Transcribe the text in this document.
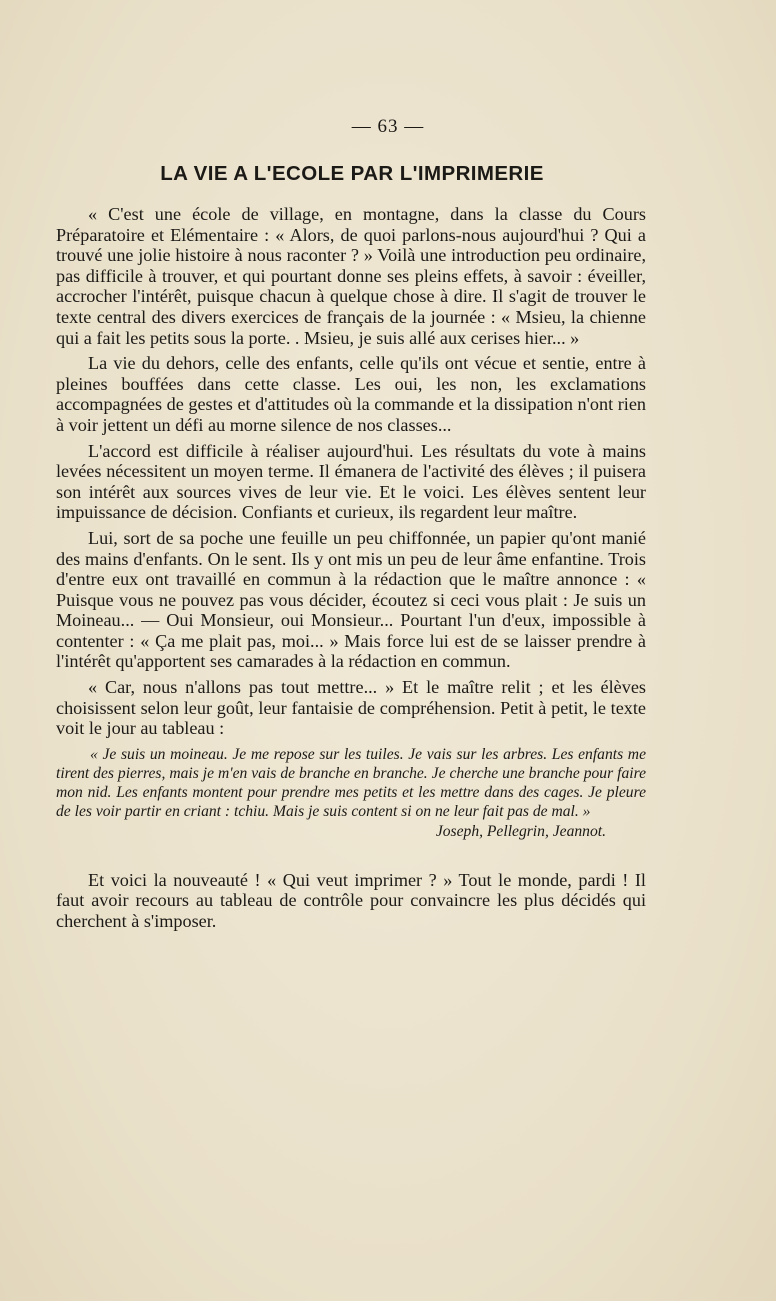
— 63 —
LA VIE A L'ECOLE PAR L'IMPRIMERIE

« C'est une école de village, en montagne, dans la classe du Cours Préparatoire et Elémentaire : « Alors, de quoi parlons-nous aujourd'hui ? Qui a trouvé une jolie histoire à nous raconter ? » Voilà une introduction peu ordinaire, pas difficile à trouver, et qui pourtant donne ses pleins effets, à savoir : éveiller, accrocher l'intérêt, puisque chacun à quelque chose à dire. Il s'agit de trouver le texte central des divers exercices de français de la journée : « Msieu, la chienne qui a fait les petits sous la porte. . Msieu, je suis allé aux cerises hier... »

La vie du dehors, celle des enfants, celle qu'ils ont vécue et sentie, entre à pleines bouffées dans cette classe. Les oui, les non, les exclamations accompagnées de gestes et d'attitudes où la commande et la dissipation n'ont rien à voir jettent un défi au morne silence de nos classes...

L'accord est difficile à réaliser aujourd'hui. Les résultats du vote à mains levées nécessitent un moyen terme. Il émanera de l'activité des élèves ; il puisera son intérêt aux sources vives de leur vie. Et le voici. Les élèves sentent leur impuissance de décision. Confiants et curieux, ils regardent leur maître.

Lui, sort de sa poche une feuille un peu chiffonnée, un papier qu'ont manié des mains d'enfants. On le sent. Ils y ont mis un peu de leur âme enfantine. Trois d'entre eux ont travaillé en commun à la rédaction que le maître annonce : « Puisque vous ne pouvez pas vous décider, écoutez si ceci vous plait : Je suis un Moineau... — Oui Monsieur, oui Monsieur... Pourtant l'un d'eux, impossible à contenter : « Ça me plait pas, moi... » Mais force lui est de se laisser prendre à l'intérêt qu'apportent ses camarades à la rédaction en commun.

« Car, nous n'allons pas tout mettre... » Et le maître relit ; et les élèves choisissent selon leur goût, leur fantaisie de compréhension. Petit à petit, le texte voit le jour au tableau :

« Je suis un moineau. Je me repose sur les tuiles. Je vais sur les arbres. Les enfants me tirent des pierres, mais je m'en vais de branche en branche. Je cherche une branche pour faire mon nid. Les enfants montent pour prendre mes petits et les mettre dans des cages. Je pleure de les voir partir en criant : tchiu. Mais je suis content si on ne leur fait pas de mal. »

Joseph, Pellegrin, Jeannot.

Et voici la nouveauté ! « Qui veut imprimer ? » Tout le monde, pardi ! Il faut avoir recours au tableau de contrôle pour convaincre les plus décidés qui cherchent à s'imposer.
